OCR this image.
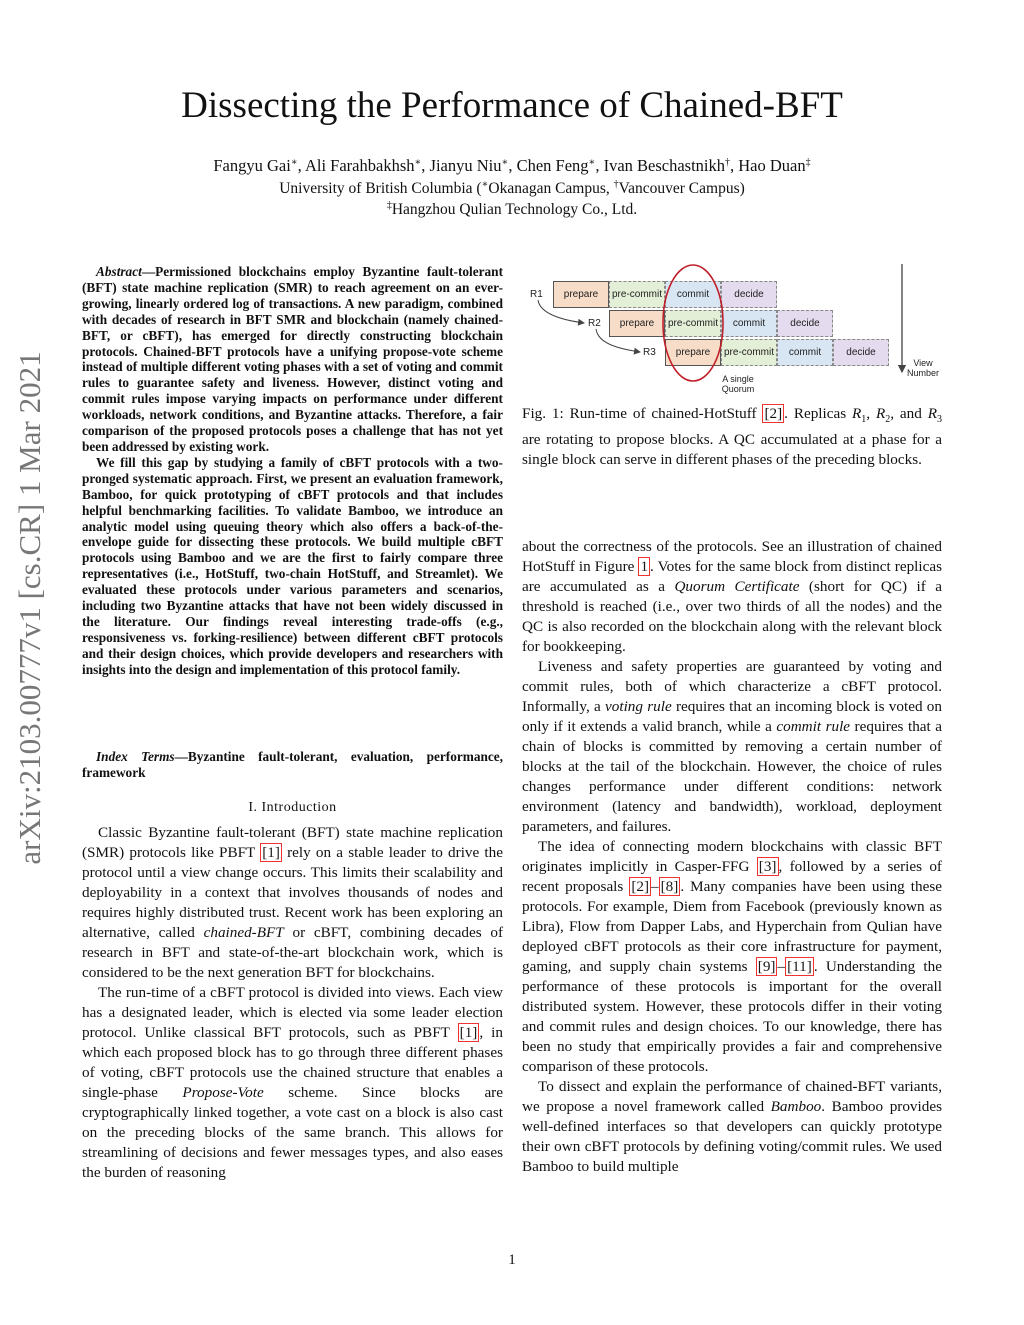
Dissecting the Performance of Chained-BFT
Fangyu Gai∗, Ali Farahbakhsh∗, Jianyu Niu∗, Chen Feng∗, Ivan Beschastnikh†, Hao Duan‡
University of British Columbia (∗Okanagan Campus, †Vancouver Campus)
‡Hangzhou Qulian Technology Co., Ltd.
arXiv:2103.00777v1 [cs.CR] 1 Mar 2021

Abstract—Permissioned blockchains employ Byzantine fault-tolerant (BFT) state machine replication (SMR) to reach agreement on an ever-growing, linearly ordered log of transactions. A new paradigm, combined with decades of research in BFT SMR and blockchain (namely chained-BFT, or cBFT), has emerged for directly constructing blockchain protocols. Chained-BFT protocols have a unifying propose-vote scheme instead of multiple different voting phases with a set of voting and commit rules to guarantee safety and liveness. However, distinct voting and commit rules impose varying impacts on performance under different workloads, network conditions, and Byzantine attacks. Therefore, a fair comparison of the proposed protocols poses a challenge that has not yet been addressed by existing work.

We fill this gap by studying a family of cBFT protocols with a two-pronged systematic approach. First, we present an evaluation framework, Bamboo, for quick prototyping of cBFT protocols and that includes helpful benchmarking facilities. To validate Bamboo, we introduce an analytic model using queuing theory which also offers a back-of-the-envelope guide for dissecting these protocols. We build multiple cBFT protocols using Bamboo and we are the first to fairly compare three representatives (i.e., HotStuff, two-chain HotStuff, and Streamlet). We evaluated these protocols under various parameters and scenarios, including two Byzantine attacks that have not been widely discussed in the literature. Our findings reveal interesting trade-offs (e.g., responsiveness vs. forking-resilience) between different cBFT protocols and their design choices, which provide developers and researchers with insights into the design and implementation of this protocol family.

Index Terms—Byzantine fault-tolerant, evaluation, performance, framework

I. Introduction

Classic Byzantine fault-tolerant (BFT) state machine replication (SMR) protocols like PBFT [1] rely on a stable leader to drive the protocol until a view change occurs. This limits their scalability and deployability in a context that involves thousands of nodes and requires highly distributed trust. Recent work has been exploring an alternative, called chained-BFT or cBFT, combining decades of research in BFT and state-of-the-art blockchain work, which is considered to be the next generation BFT for blockchains.

The run-time of a cBFT protocol is divided into views. Each view has a designated leader, which is elected via some leader election protocol. Unlike classical BFT protocols, such as PBFT [1] , in which each proposed block has to go through three different phases of voting, cBFT protocols use the chained structure that enables a single-phase Propose-Vote scheme. Since blocks are cryptographically linked together, a vote cast on a block is also cast on the preceding blocks of the same branch. This allows for streamlining of decisions and fewer messages types, and also eases the burden of reasoning

R1
R2
R3
prepare	pre-commit	commit	decide
prepare	pre-commit	commit	decide
prepare	pre-commit	commit	decide
A single
Quorum
View
Number

Fig. 1: Run-time of chained-HotStuff [2] . Replicas $R_1$, $R_2$, and $R_3$ are rotating to propose blocks. A QC accumulated at a phase for a single block can serve in different phases of the preceding blocks.

about the correctness of the protocols. See an illustration of chained HotStuff in Figure 1 . Votes for the same block from distinct replicas are accumulated as a Quorum Certificate (short for QC) if a threshold is reached (i.e., over two thirds of all the nodes) and the QC is also recorded on the blockchain along with the relevant block for bookkeeping.

Liveness and safety properties are guaranteed by voting and commit rules, both of which characterize a cBFT protocol. Informally, a voting rule requires that an incoming block is voted on only if it extends a valid branch, while a commit rule requires that a chain of blocks is committed by removing a certain number of blocks at the tail of the blockchain. However, the choice of rules changes performance under different conditions: network environment (latency and bandwidth), workload, deployment parameters, and failures.

The idea of connecting modern blockchains with classic BFT originates implicitly in Casper-FFG [3] , followed by a series of recent proposals [2] – [8] . Many companies have been using these protocols. For example, Diem from Facebook (previously known as Libra), Flow from Dapper Labs, and Hyperchain from Qulian have deployed cBFT protocols as their core infrastructure for payment, gaming, and supply chain systems [9] – [11] . Understanding the performance of these protocols is important for the overall distributed system. However, these protocols differ in their voting and commit rules and design choices. To our knowledge, there has been no study that empirically provides a fair and comprehensive comparison of these protocols.

To dissect and explain the performance of chained-BFT variants, we propose a novel framework called Bamboo. Bamboo provides well-defined interfaces so that developers can quickly prototype their own cBFT protocols by defining voting/commit rules. We used Bamboo to build multiple

1
